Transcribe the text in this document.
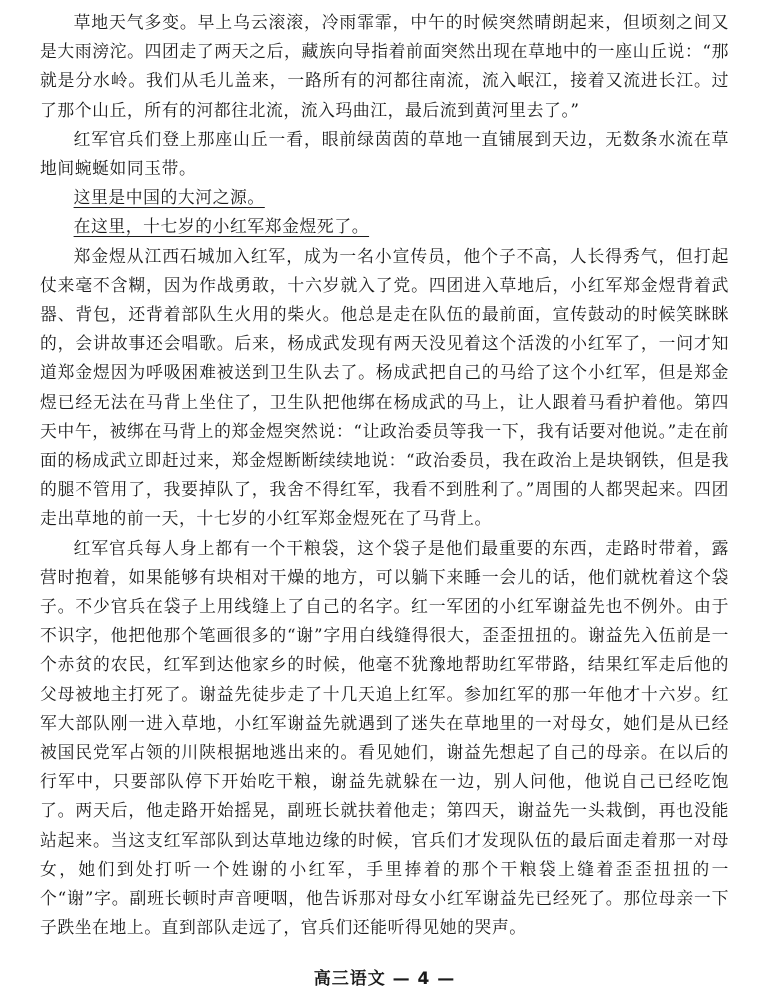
草地天气多变。早上乌云滚滚，冷雨霏霏，中午的时候突然晴朗起来，但顷刻之间又是大雨滂沱。四团走了两天之后，藏族向导指着前面突然出现在草地中的一座山丘说：“那就是分水岭。我们从毛儿盖来，一路所有的河都往南流，流入岷江，接着又流进长江。过了那个山丘，所有的河都往北流，流入玛曲江，最后流到黄河里去了。”

红军官兵们登上那座山丘一看，眼前绿茵茵的草地一直铺展到天边，无数条水流在草地间蜿蜒如同玉带。

这里是中国的大河之源。

在这里，十七岁的小红军郑金煜死了。

郑金煜从江西石城加入红军，成为一名小宣传员，他个子不高，人长得秀气，但打起仗来毫不含糊，因为作战勇敢，十六岁就入了党。四团进入草地后，小红军郑金煜背着武器、背包，还背着部队生火用的柴火。他总是走在队伍的最前面，宣传鼓动的时候笑眯眯的，会讲故事还会唱歌。后来，杨成武发现有两天没见着这个活泼的小红军了，一问才知道郑金煜因为呼吸困难被送到卫生队去了。杨成武把自己的马给了这个小红军，但是郑金煜已经无法在马背上坐住了，卫生队把他绑在杨成武的马上，让人跟着马看护着他。第四天中午，被绑在马背上的郑金煜突然说：“让政治委员等我一下，我有话要对他说。”走在前面的杨成武立即赶过来，郑金煜断断续续地说：“政治委员，我在政治上是块钢铁，但是我的腿不管用了，我要掉队了，我舍不得红军，我看不到胜利了。”周围的人都哭起来。四团走出草地的前一天，十七岁的小红军郑金煜死在了马背上。

红军官兵每人身上都有一个干粮袋，这个袋子是他们最重要的东西，走路时带着，露营时抱着，如果能够有块相对干燥的地方，可以躺下来睡一会儿的话，他们就枕着这个袋子。不少官兵在袋子上用线缝上了自己的名字。红一军团的小红军谢益先也不例外。由于不识字，他把他那个笔画很多的“谢”字用白线缝得很大，歪歪扭扭的。谢益先入伍前是一个赤贫的农民，红军到达他家乡的时候，他毫不犹豫地帮助红军带路，结果红军走后他的父母被地主打死了。谢益先徒步走了十几天追上红军。参加红军的那一年他才十六岁。红军大部队刚一进入草地，小红军谢益先就遇到了迷失在草地里的一对母女，她们是从已经被国民党军占领的川陕根据地逃出来的。看见她们，谢益先想起了自己的母亲。在以后的行军中，只要部队停下开始吃干粮，谢益先就躲在一边，别人问他，他说自己已经吃饱了。两天后，他走路开始摇晃，副班长就扶着他走；第四天，谢益先一头栽倒，再也没能站起来。当这支红军部队到达草地边缘的时候，官兵们才发现队伍的最后面走着那一对母女，她们到处打听一个姓谢的小红军，手里捧着的那个干粮袋上缝着歪歪扭扭的一个“谢”字。副班长顿时声音哽咽，他告诉那对母女小红军谢益先已经死了。那位母亲一下子跌坐在地上。直到部队走远了，官兵们还能听得见她的哭声。

高三语文 — 4 —
